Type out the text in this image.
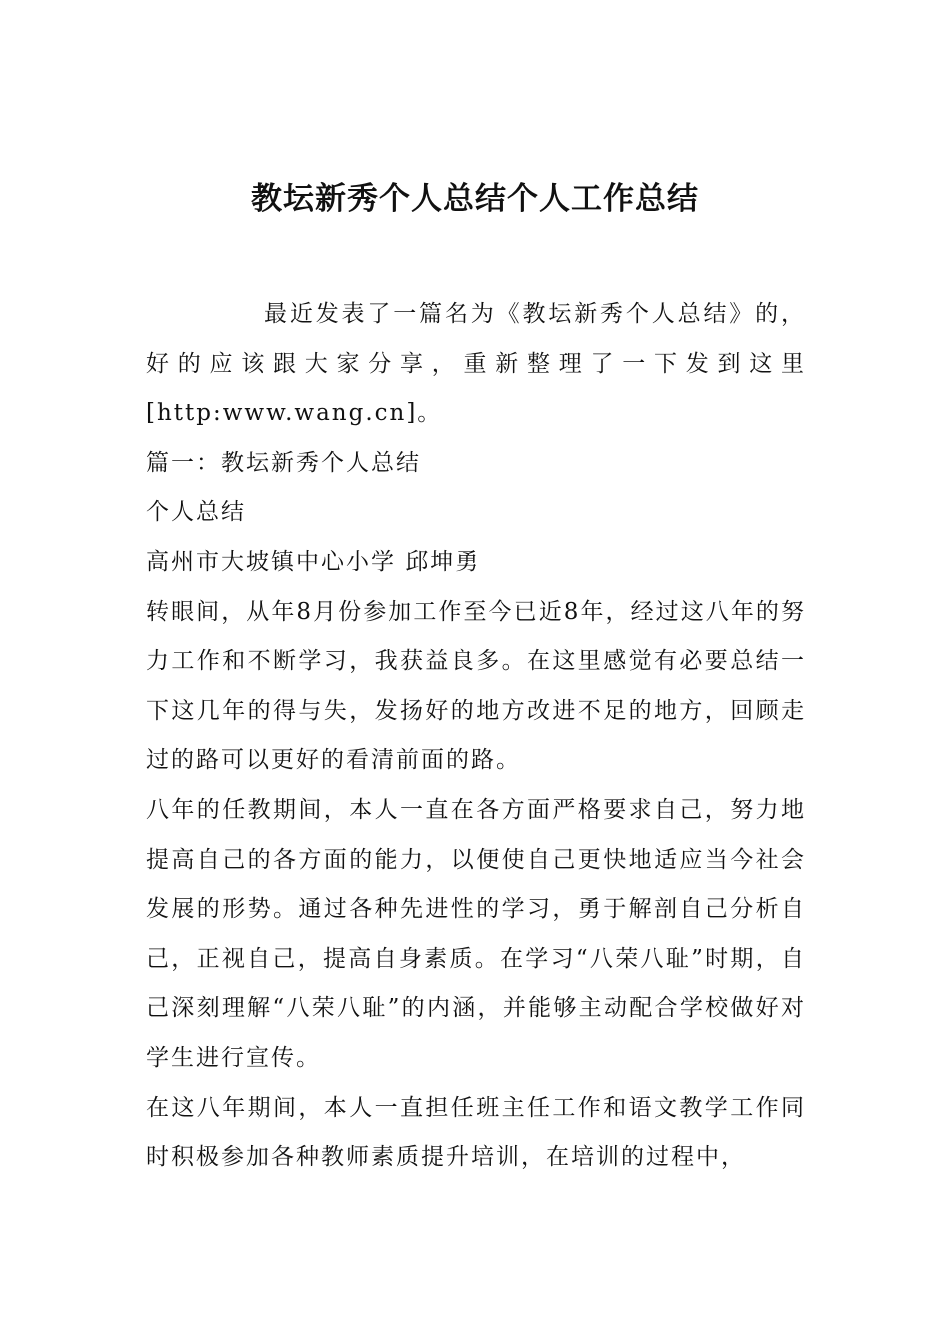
教坛新秀个人总结个人工作总结

最近发表了一篇名为《教坛新秀个人总结》的，好的应该跟大家分享，重新整理了一下发到这里[http:www.wang.cn]。

篇一：教坛新秀个人总结

个人总结

高州市大坡镇中心小学 邱坤勇

转眼间，从年8月份参加工作至今已近8年，经过这八年的努力工作和不断学习，我获益良多。在这里感觉有必要总结一下这几年的得与失，发扬好的地方改进不足的地方，回顾走过的路可以更好的看清前面的路。

八年的任教期间，本人一直在各方面严格要求自己，努力地提高自己的各方面的能力，以便使自己更快地适应当今社会发展的形势。通过各种先进性的学习，勇于解剖自己分析自己，正视自己，提高自身素质。在学习“八荣八耻”时期，自己深刻理解“八荣八耻”的内涵，并能够主动配合学校做好对学生进行宣传。

在这八年期间，本人一直担任班主任工作和语文教学工作同时积极参加各种教师素质提升培训，在培训的过程中，
